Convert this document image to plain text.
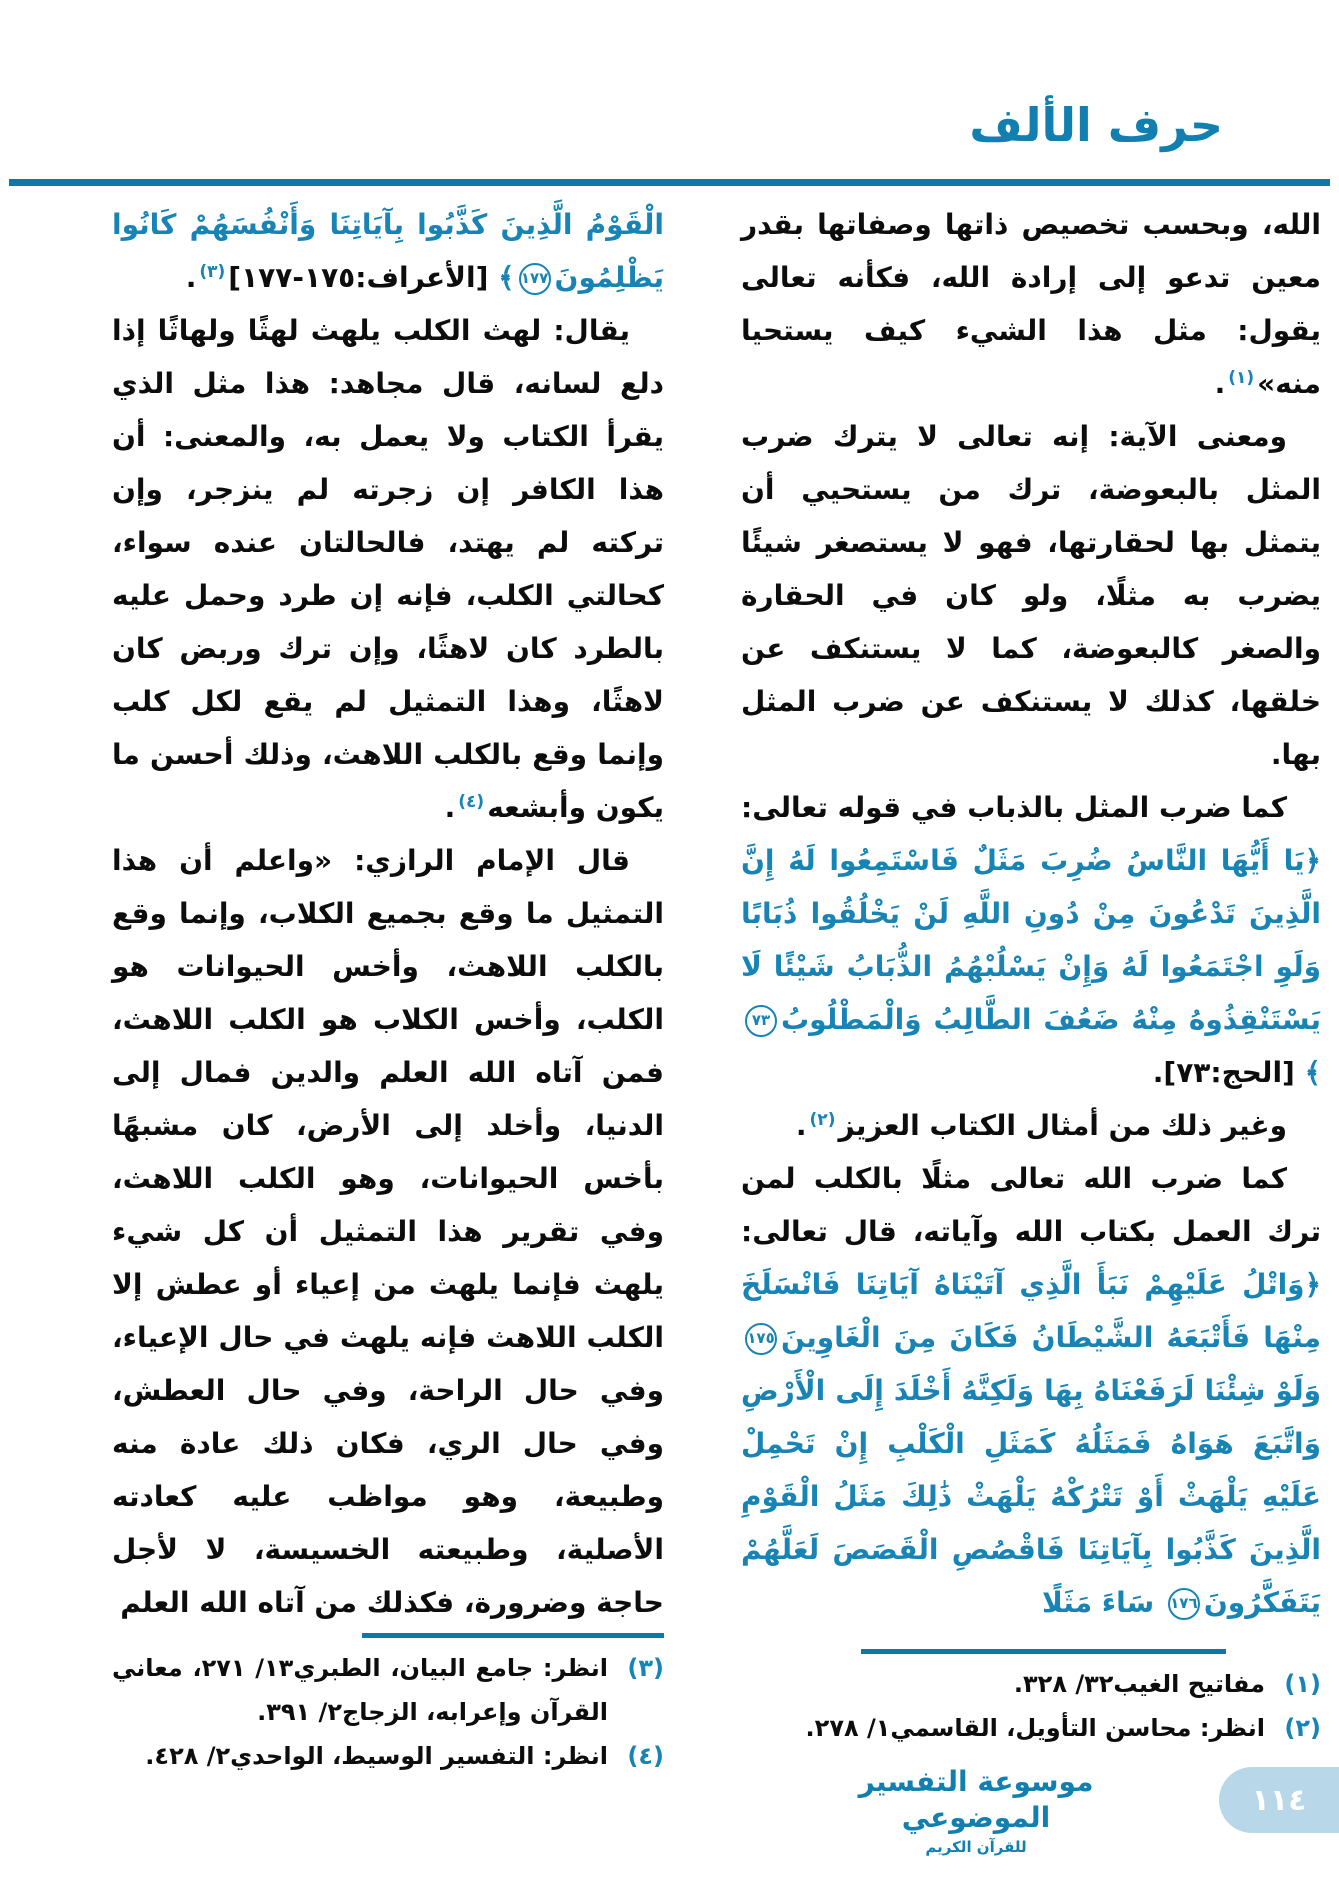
حرف الألف

الله، وبحسب تخصيص ذاتها وصفاتها بقدر معين تدعو إلى إرادة الله، فكأنه تعالى يقول: مثل هذا الشيء كيف يستحيا منه»$^{(١)}$.

ومعنى الآية: إنه تعالى لا يترك ضرب المثل بالبعوضة، ترك من يستحيي أن يتمثل بها لحقارتها، فهو لا يستصغر شيئًا يضرب به مثلًا، ولو كان في الحقارة والصغر كالبعوضة، كما لا يستنكف عن خلقها، كذلك لا يستنكف عن ضرب المثل بها.

كما ضرب المثل بالذباب في قوله تعالى: ﴿يَا أَيُّهَا النَّاسُ ضُرِبَ مَثَلٌ فَاسْتَمِعُوا لَهُ إِنَّ الَّذِينَ تَدْعُونَ مِنْ دُونِ اللَّهِ لَنْ يَخْلُقُوا ذُبَابًا وَلَوِ اجْتَمَعُوا لَهُ وَإِنْ يَسْلُبْهُمُ الذُّبَابُ شَيْئًا لَا يَسْتَنْقِذُوهُ مِنْهُ ضَعُفَ الطَّالِبُ وَالْمَطْلُوبُ٧٣﴾ [الحج:٧٣].

وغير ذلك من أمثال الكتاب العزيز$^{(٢)}$.

كما ضرب الله تعالى مثلًا بالكلب لمن ترك العمل بكتاب الله وآياته، قال تعالى: ﴿وَاتْلُ عَلَيْهِمْ نَبَأَ الَّذِي آتَيْنَاهُ آيَاتِنَا فَانْسَلَخَ مِنْهَا فَأَتْبَعَهُ الشَّيْطَانُ فَكَانَ مِنَ الْغَاوِينَ١٧٥وَلَوْ شِئْنَا لَرَفَعْنَاهُ بِهَا وَلَكِنَّهُ أَخْلَدَ إِلَى الْأَرْضِ وَاتَّبَعَ هَوَاهُ فَمَثَلُهُ كَمَثَلِ الْكَلْبِ إِنْ تَحْمِلْ عَلَيْهِ يَلْهَثْ أَوْ تَتْرُكْهُ يَلْهَثْ ذَٰلِكَ مَثَلُ الْقَوْمِ الَّذِينَ كَذَّبُوا بِآيَاتِنَا فَاقْصُصِ الْقَصَصَ لَعَلَّهُمْ يَتَفَكَّرُونَ١٧٦ سَاءَ مَثَلًا

(١)
مفاتيح الغيب٣٢/ ٣٢٨.
(٢)
انظر: محاسن التأويل، القاسمي١/ ٢٧٨.

الْقَوْمُ الَّذِينَ كَذَّبُوا بِآيَاتِنَا وَأَنْفُسَهُمْ كَانُوا يَظْلِمُونَ١٧٧﴾ [الأعراف:١٧٥-١٧٧]$^{(٣)}$.

يقال: لهث الكلب يلهث لهثًا ولهاثًا إذا دلع لسانه، قال مجاهد: هذا مثل الذي يقرأ الكتاب ولا يعمل به، والمعنى: أن هذا الكافر إن زجرته لم ينزجر، وإن تركته لم يهتد، فالحالتان عنده سواء، كحالتي الكلب، فإنه إن طرد وحمل عليه بالطرد كان لاهثًا، وإن ترك وربض كان لاهثًا، وهذا التمثيل لم يقع لكل كلب وإنما وقع بالكلب اللاهث، وذلك أحسن ما يكون وأبشعه$^{(٤)}$.

قال الإمام الرازي: «واعلم أن هذا التمثيل ما وقع بجميع الكلاب، وإنما وقع بالكلب اللاهث، وأخس الحيوانات هو الكلب، وأخس الكلاب هو الكلب اللاهث، فمن آتاه الله العلم والدين فمال إلى الدنيا، وأخلد إلى الأرض، كان مشبهًا بأخس الحيوانات، وهو الكلب اللاهث، وفي تقرير هذا التمثيل أن كل شيء يلهث فإنما يلهث من إعياء أو عطش إلا الكلب اللاهث فإنه يلهث في حال الإعياء، وفي حال الراحة، وفي حال العطش، وفي حال الري، فكان ذلك عادة منه وطبيعة، وهو مواظب عليه كعادته الأصلية، وطبيعته الخسيسة، لا لأجل حاجة وضرورة، فكذلك من آتاه الله العلم

(٣)
انظر: جامع البيان، الطبري١٣/ ٢٧١، معاني القرآن وإعرابه، الزجاج٢/ ٣٩١.
(٤)
انظر: التفسير الوسيط، الواحدي٢/ ٤٢٨.
موسوعة التفسير الموضوعي
للقرآن الكريم
١١٤
